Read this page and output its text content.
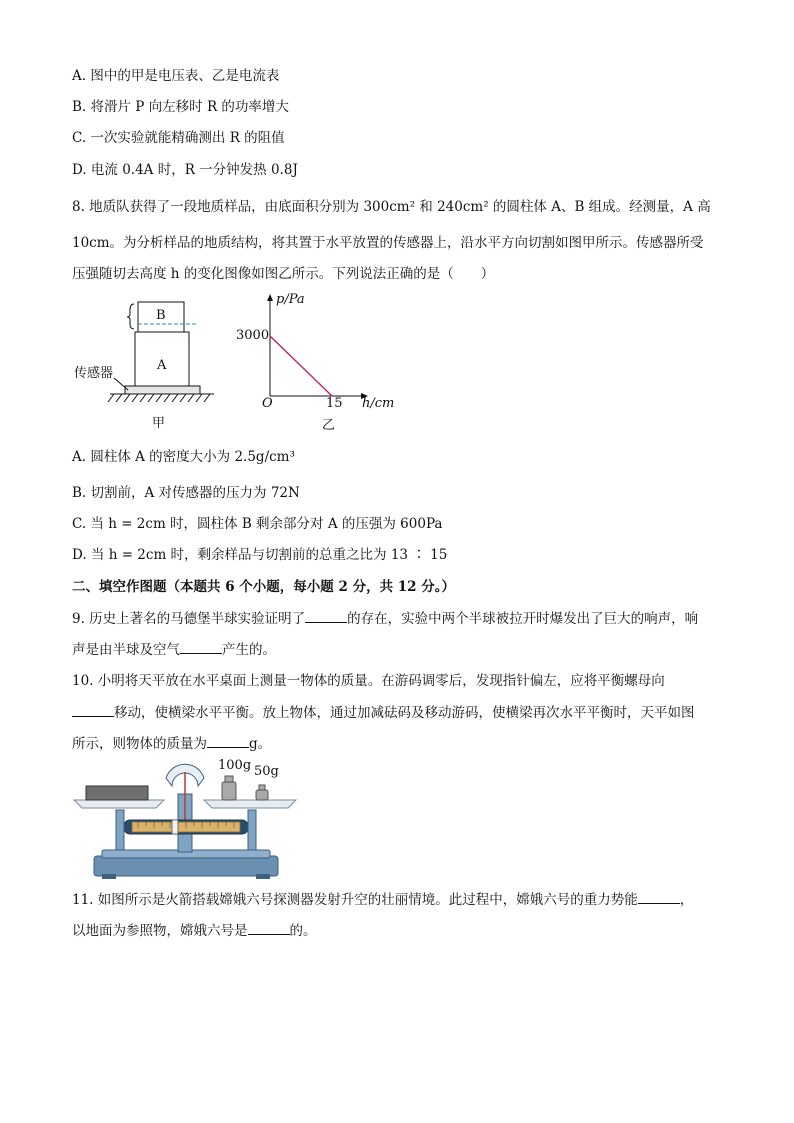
A. 图中的甲是电压表、乙是电流表
B. 将滑片 P 向左移时 R 的功率增大
C. 一次实验就能精确测出 R 的阻值
D. 电流 0.4A 时，R 一分钟发热 0.8J
8. 地质队获得了一段地质样品，由底面积分别为 300cm² 和 240cm² 的圆柱体 A、B 组成。经测量，A 高
10cm。为分析样品的地质结构，将其置于水平放置的传感器上，沿水平方向切割如图甲所示。传感器所受
压强随切去高度 h 的变化图像如图乙所示。下列说法正确的是（　　）
B
A
传感器
甲
p/Pa
3000
O	15 h/cm
乙
A. 圆柱体 A 的密度大小为 2.5g/cm³
B. 切割前，A 对传感器的压力为 72N
C. 当 h = 2cm 时，圆柱体 B 剩余部分对 A 的压强为 600Pa
D. 当 h = 2cm 时，剩余样品与切割前的总重之比为 13 ∶ 15
二、填空作图题（本题共 6 个小题，每小题 2 分，共 12 分。）
9. 历史上著名的马德堡半球实验证明了	的存在，实验中两个半球被拉开时爆发出了巨大的响声，响
声是由半球及空气	产生的。
10. 小明将天平放在水平桌面上测量一物体的质量。在游码调零后，发现指针偏左，应将平衡螺母向
移动，使横梁水平平衡。放上物体，通过加减砝码及移动游码，使横梁再次水平平衡时，天平如图
所示，则物体的质量为	g。
100g 50g
11. 如图所示是火箭搭载嫦娥六号探测器发射升空的壮丽情境。此过程中，嫦娥六号的重力势能	，
以地面为参照物，嫦娥六号是	的。
